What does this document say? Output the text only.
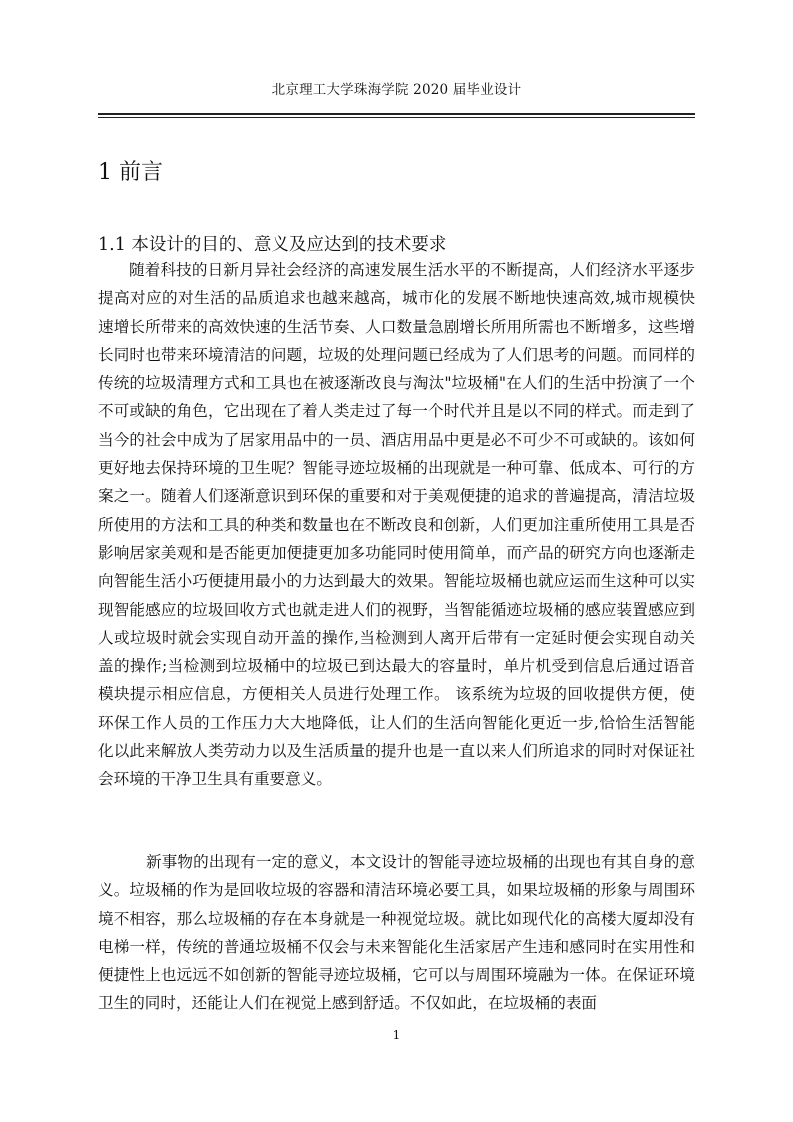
北京理工大学珠海学院 2020 届毕业设计
1 前言
1.1 本设计的目的、意义及应达到的技术要求

随着科技的日新月异社会经济的高速发展生活水平的不断提高，人们经济水平逐步提高对应的对生活的品质追求也越来越高，城市化的发展不断地快速高效,城市规模快速增长所带来的高效快速的生活节奏、人口数量急剧增长所用所需也不断增多，这些增长同时也带来环境清洁的问题，垃圾的处理问题已经成为了人们思考的问题。而同样的传统的垃圾清理方式和工具也在被逐渐改良与淘汰"垃圾桶"在人们的生活中扮演了一个不可或缺的角色，它出现在了着人类走过了每一个时代并且是以不同的样式。而走到了当今的社会中成为了居家用品中的一员、酒店用品中更是必不可少不可或缺的。该如何更好地去保持环境的卫生呢？智能寻迹垃圾桶的出现就是一种可靠、低成本、可行的方案之一。随着人们逐渐意识到环保的重要和对于美观便捷的追求的普遍提高，清洁垃圾所使用的方法和工具的种类和数量也在不断改良和创新，人们更加注重所使用工具是否影响居家美观和是否能更加便捷更加多功能同时使用简单，而产品的研究方向也逐渐走向智能生活小巧便捷用最小的力达到最大的效果。智能垃圾桶也就应运而生这种可以实现智能感应的垃圾回收方式也就走进人们的视野，当智能循迹垃圾桶的感应装置感应到人或垃圾时就会实现自动开盖的操作,当检测到人离开后带有一定延时便会实现自动关盖的操作;当检测到垃圾桶中的垃圾已到达最大的容量时，单片机受到信息后通过语音模块提示相应信息，方便相关人员进行处理工作。 该系统为垃圾的回收提供方便，使环保工作人员的工作压力大大地降低，让人们的生活向智能化更近一步,恰恰生活智能化以此来解放人类劳动力以及生活质量的提升也是一直以来人们所追求的同时对保证社会环境的干净卫生具有重要意义。

新事物的出现有一定的意义，本文设计的智能寻迹垃圾桶的出现也有其自身的意义。垃圾桶的作为是回收垃圾的容器和清洁环境必要工具，如果垃圾桶的形象与周围环境不相容，那么垃圾桶的存在本身就是一种视觉垃圾。就比如现代化的高楼大厦却没有电梯一样，传统的普通垃圾桶不仅会与未来智能化生活家居产生违和感同时在实用性和便捷性上也远远不如创新的智能寻迹垃圾桶，它可以与周围环境融为一体。在保证环境卫生的同时，还能让人们在视觉上感到舒适。不仅如此，在垃圾桶的表面

1
